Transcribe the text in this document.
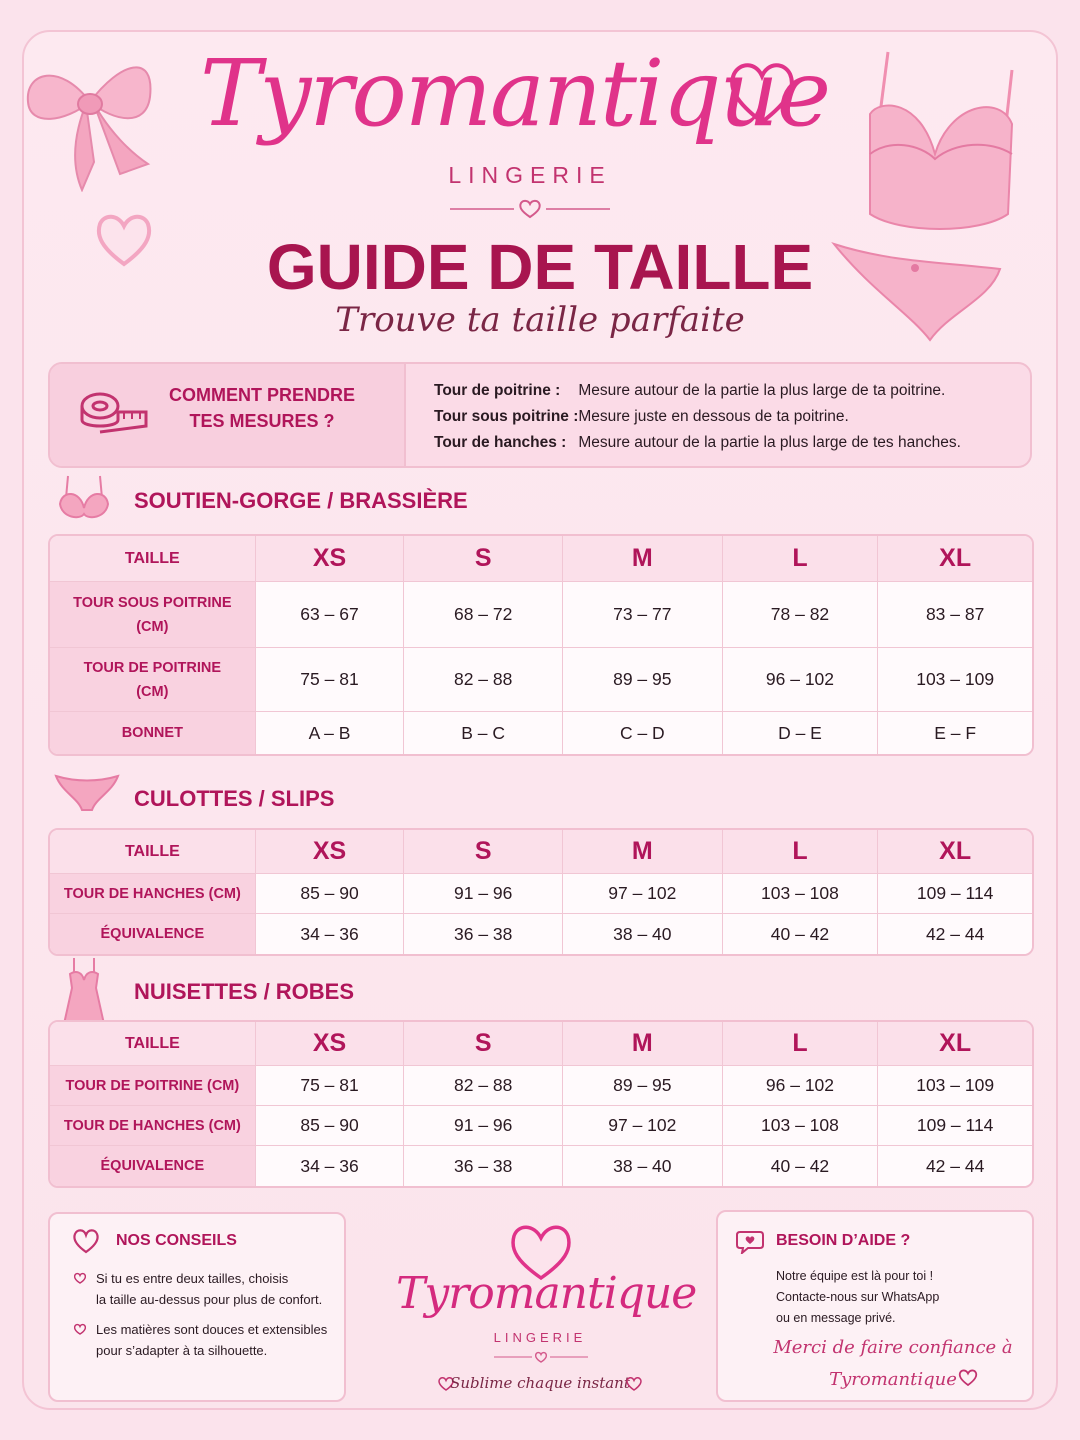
Tyromantique
LINGERIE
GUIDE DE TAILLE
Trouve ta taille parfaite
COMMENT PRENDRE
TES MESURES ?
Tour de poitrine : Mesure autour de la partie la plus large de ta poitrine.
Tour sous poitrine : Mesure juste en dessous de ta poitrine.
Tour de hanches : Mesure autour de la partie la plus large de tes hanches.
SOUTIEN-GORGE / BRASSIÈRE
TAILLE	XS	S	M	L	XL

TOUR SOUS POITRINE
(CM)	63 – 67	68 – 72	73 – 77	78 – 82	83 – 87

TOUR DE POITRINE
(CM)	75 – 81	82 – 88	89 – 95	96 – 102	103 – 109

BONNET	A – B	B – C	C – D	D – E	E – F
CULOTTES / SLIPS
TAILLE	XS	S	M	L	XL
TOUR DE HANCHES (CM)	85 – 90	91 – 96	97 – 102	103 – 108	109 – 114
ÉQUIVALENCE	34 – 36	36 – 38	38 – 40	40 – 42	42 – 44
NUISETTES / ROBES
TAILLE	XS	S	M	L	XL
TOUR DE POITRINE (CM)	75 – 81	82 – 88	89 – 95	96 – 102	103 – 109
TOUR DE HANCHES (CM)	85 – 90	91 – 96	97 – 102	103 – 108	109 – 114
ÉQUIVALENCE	34 – 36	36 – 38	38 – 40	40 – 42	42 – 44
NOS CONSEILS
Si tu es entre deux tailles, choisis
la taille au-dessus pour plus de confort.
Les matières sont douces et extensibles
pour s’adapter à ta silhouette.
Tyromantique
LINGERIE
Sublime chaque instant
BESOIN D’AIDE ?
Notre équipe est là pour toi !
Contacte-nous sur WhatsApp
ou en message privé.
Merci de faire confiance à
Tyromantique
